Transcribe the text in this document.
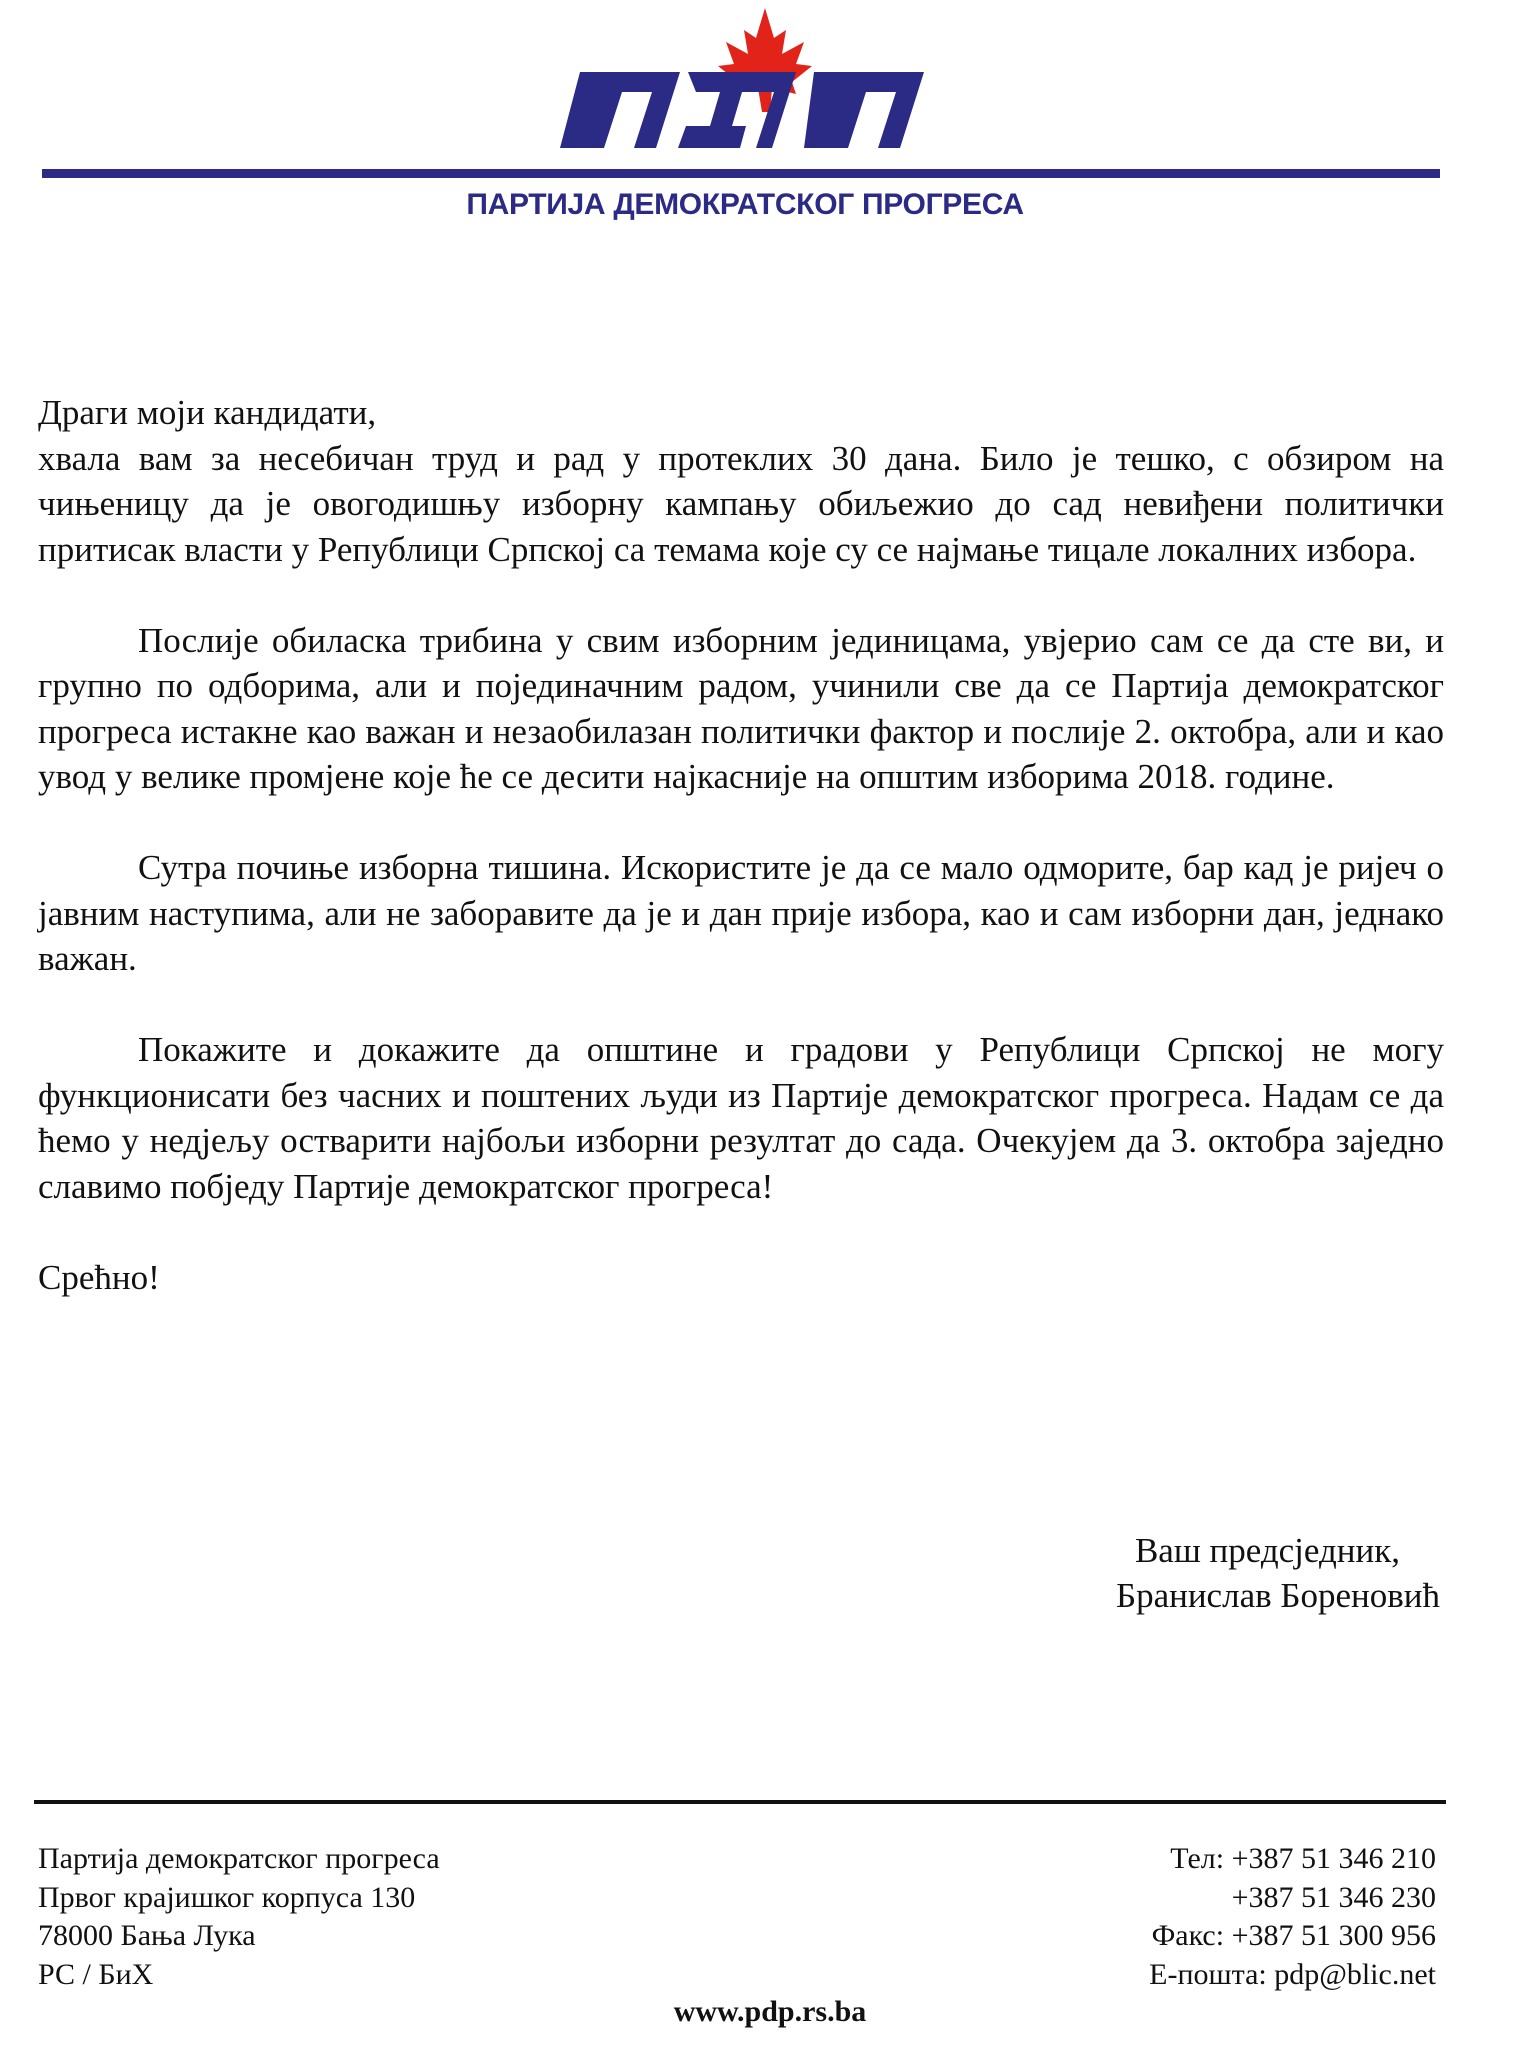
ПАРТИЈА ДЕМОКРАТСКОГ ПРОГРЕСА

Драги моји кандидати,

хвала вам за несебичан труд и рад у протеклих 30 дана. Било је тешко, с обзиром на чињеницу да је овогодишњу изборну кампању обиљежио до сад невиђени политички притисак власти у Републици Српској са темама које су се најмање тицале локалних избора.

Послије обиласка трибина у свим изборним јединицама, увјерио сам се да сте ви, и групно по одборима, али и појединачним радом, учинили све да се Партија демократског прогреса истакне као важан и незаобилазан политички фактор и послије 2. октобра, али и као увод у велике промјене које ће се десити најкасније на општим изборима 2018. године.

Сутра почиње изборна тишина. Искористите је да се мало одморите, бар кад је ријеч о јавним наступима, али не заборавите да је и дан прије избора, као и сам изборни дан, једнако важан.

Покажите и докажите да општине и градови у Републици Српској не могу функционисати без часних и поштених људи из Партије демократског прогреса. Надам се да ћемо у недјељу остварити најбољи изборни резултат до сада. Очекујем да 3. октобра заједно славимо побједу Партије демократског прогреса!

Срећно!

Ваш предсједник,
Бранислав Бореновић
Партија демократског прогреса
Првог крајишког корпуса 130
78000 Бања Лука
РС / БиХ
Тел: +387 51 346 210
+387 51 346 230
Факс: +387 51 300 956
Е-пошта: pdp@blic.net
www.pdp.rs.ba
